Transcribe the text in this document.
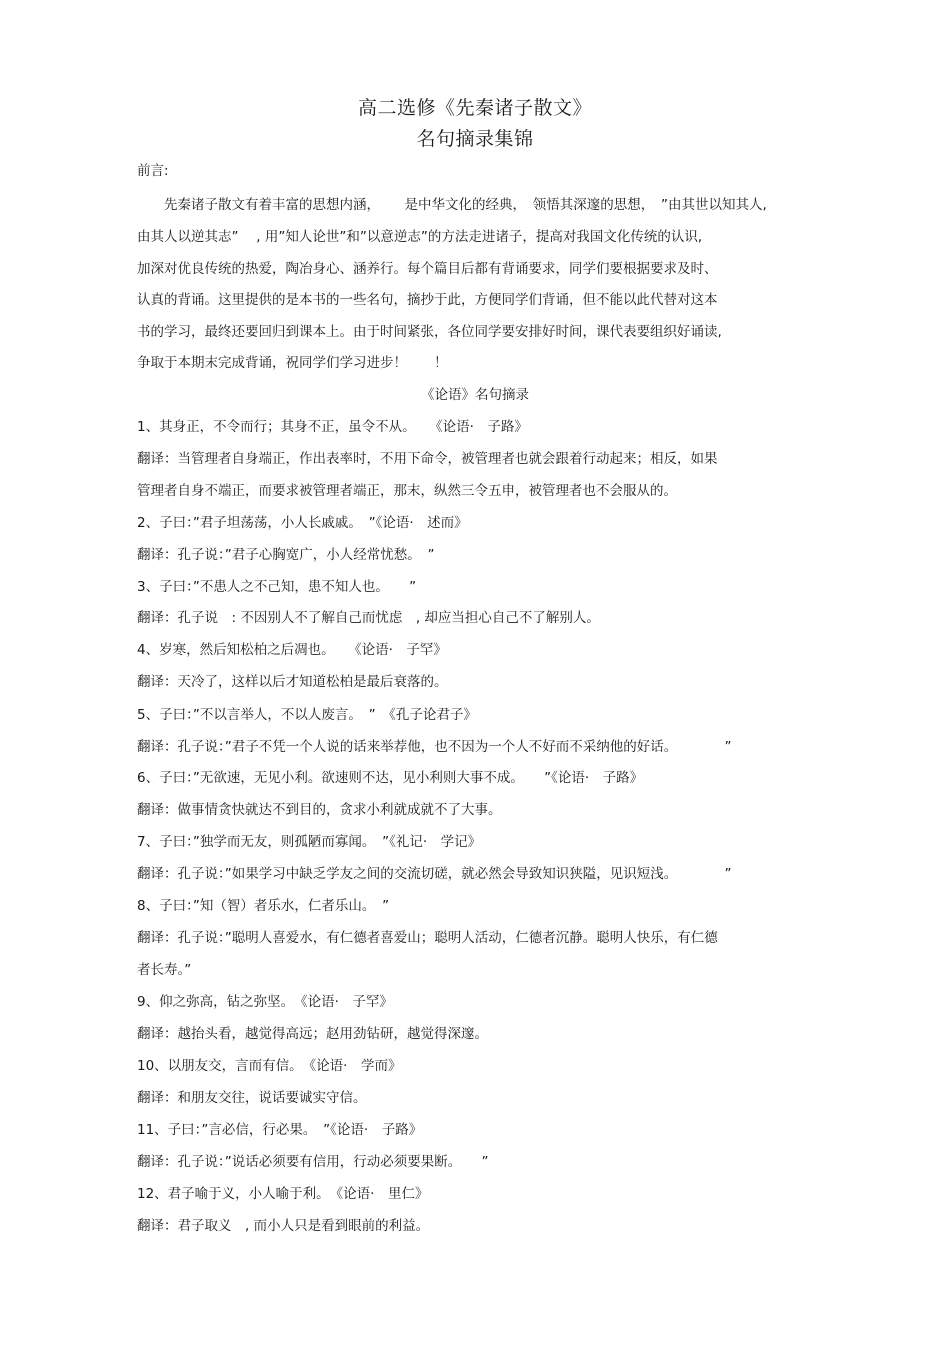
高二选修《先秦诸子散文》
名句摘录集锦
前言:
先秦诸子散文有着丰富的思想内涵，　　 是中华文化的经典，　领悟其深邃的思想，　”由其世以知其人,
由其人以逆其志”　 , 用”知人论世”和”以意逆志”的方法走进诸子，提高对我国文化传统的认识,
加深对优良传统的热爱，陶冶身心、涵养行。每个篇目后都有背诵要求，同学们要根据要求及时、
认真的背诵。这里提供的是本书的一些名句，摘抄于此，方便同学们背诵，但不能以此代替对这本
书的学习，最终还要回归到课本上。由于时间紧张，各位同学要安排好时间，课代表要组织好诵读,
争取于本期末完成背诵，祝同学们学习进步！　　！
《论语》名句摘录
1、其身正，不令而行；其身不正，虽令不从。　　《论语·　子路》
翻译：当管理者自身端正，作出表率时，不用下命令，被管理者也就会跟着行动起来；相反，如果
管理者自身不端正，而要求被管理者端正，那末，纵然三令五申，被管理者也不会服从的。
2、子曰：”君子坦荡荡，小人长戚戚。　”《论语·　述而》
翻译：孔子说：”君子心胸宽广，小人经常忧愁。　”
3、子曰：”不患人之不己知，患不知人也。　　”
翻译：孔子说　: 不因别人不了解自己而忧虑　, 却应当担心自己不了解别人。
4、岁寒，然后知松柏之后凋也。　　《论语·　子罕》
翻译：天冷了，这样以后才知道松柏是最后衰落的。
5、子曰：”不以言举人，不以人废言。　”　《孔子论君子》
翻译：孔子说：”君子不凭一个人说的话来举荐他，也不因为一个人不好而不采纳他的好话。　　　　”
6、子曰：”无欲速，无见小利。欲速则不达，见小利则大事不成。　　”《论语·　子路》
翻译：做事情贪快就达不到目的，贪求小利就成就不了大事。
7、子曰：”独学而无友，则孤陋而寡闻。　”《礼记·　学记》
翻译：孔子说：”如果学习中缺乏学友之间的交流切磋，就必然会导致知识狭隘，见识短浅。　　　　”
8、子曰：”知（智）者乐水，仁者乐山。　”
翻译：孔子说：”聪明人喜爱水，有仁德者喜爱山；聪明人活动，仁德者沉静。聪明人快乐，有仁德
者长寿。”
9、仰之弥高，钻之弥坚。　《论语·　子罕》
翻译：越抬头看，越觉得高远；赵用劲钻研，越觉得深邃。
10、以朋友交，言而有信。　《论语·　学而》
翻译：和朋友交往，说话要诚实守信。
11、子曰：”言必信，行必果。　”《论语·　子路》
翻译：孔子说：”说话必须要有信用，行动必须要果断。　　”
12、君子喻于义，小人喻于利。　《论语·　里仁》
翻译：君子取义　, 而小人只是看到眼前的利益。
